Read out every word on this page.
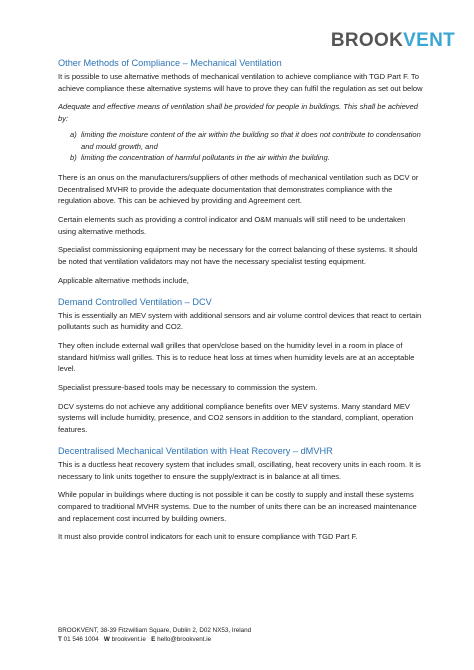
BROOKVENT
Other Methods of Compliance – Mechanical Ventilation
It is possible to use alternative methods of mechanical ventilation to achieve compliance with TGD Part F. To achieve compliance these alternative systems will have to prove they can fulfil the regulation as set out below
Adequate and effective means of ventilation shall be provided for people in buildings. This shall be achieved by:
a) limiting the moisture content of the air within the building so that it does not contribute to condensation and mould growth, and
b) limiting the concentration of harmful pollutants in the air within the building.
There is an onus on the manufacturers/suppliers of other methods of mechanical ventilation such as DCV or Decentralised MVHR to provide the adequate documentation that demonstrates compliance with the regulation above. This can be achieved by providing and Agreement cert.
Certain elements such as providing a control indicator and O&M manuals will still need to be undertaken using alternative methods.
Specialist commissioning equipment may be necessary for the correct balancing of these systems. It should be noted that ventilation validators may not have the necessary specialist testing equipment.
Applicable alternative methods include,
Demand Controlled Ventilation – DCV
This is essentially an MEV system with additional sensors and air volume control devices that react to certain pollutants such as humidity and CO2.
They often include external wall grilles that open/close based on the humidity level in a room in place of standard hit/miss wall grilles. This is to reduce heat loss at times when humidity levels are at an acceptable level.
Specialist pressure-based tools may be necessary to commission the system.
DCV systems do not achieve any additional compliance benefits over MEV systems. Many standard MEV systems will include humidity, presence, and CO2 sensors in addition to the standard, compliant, operation features.
Decentralised Mechanical Ventilation with Heat Recovery – dMVHR
This is a ductless heat recovery system that includes small, oscillating, heat recovery units in each room. It is necessary to link units together to ensure the supply/extract is in balance at all times.
While popular in buildings where ducting is not possible it can be costly to supply and install these systems compared to traditional MVHR systems. Due to the number of units there can be an increased maintenance and replacement cost incurred by building owners.
It must also provide control indicators for each unit to ensure compliance with TGD Part F.
BROOKVENT, 38-39 Fitzwilliam Square, Dublin 2, D02 NX53, Ireland
T 01 546 1004 W brookvent.ie E hello@brookvent.ie
